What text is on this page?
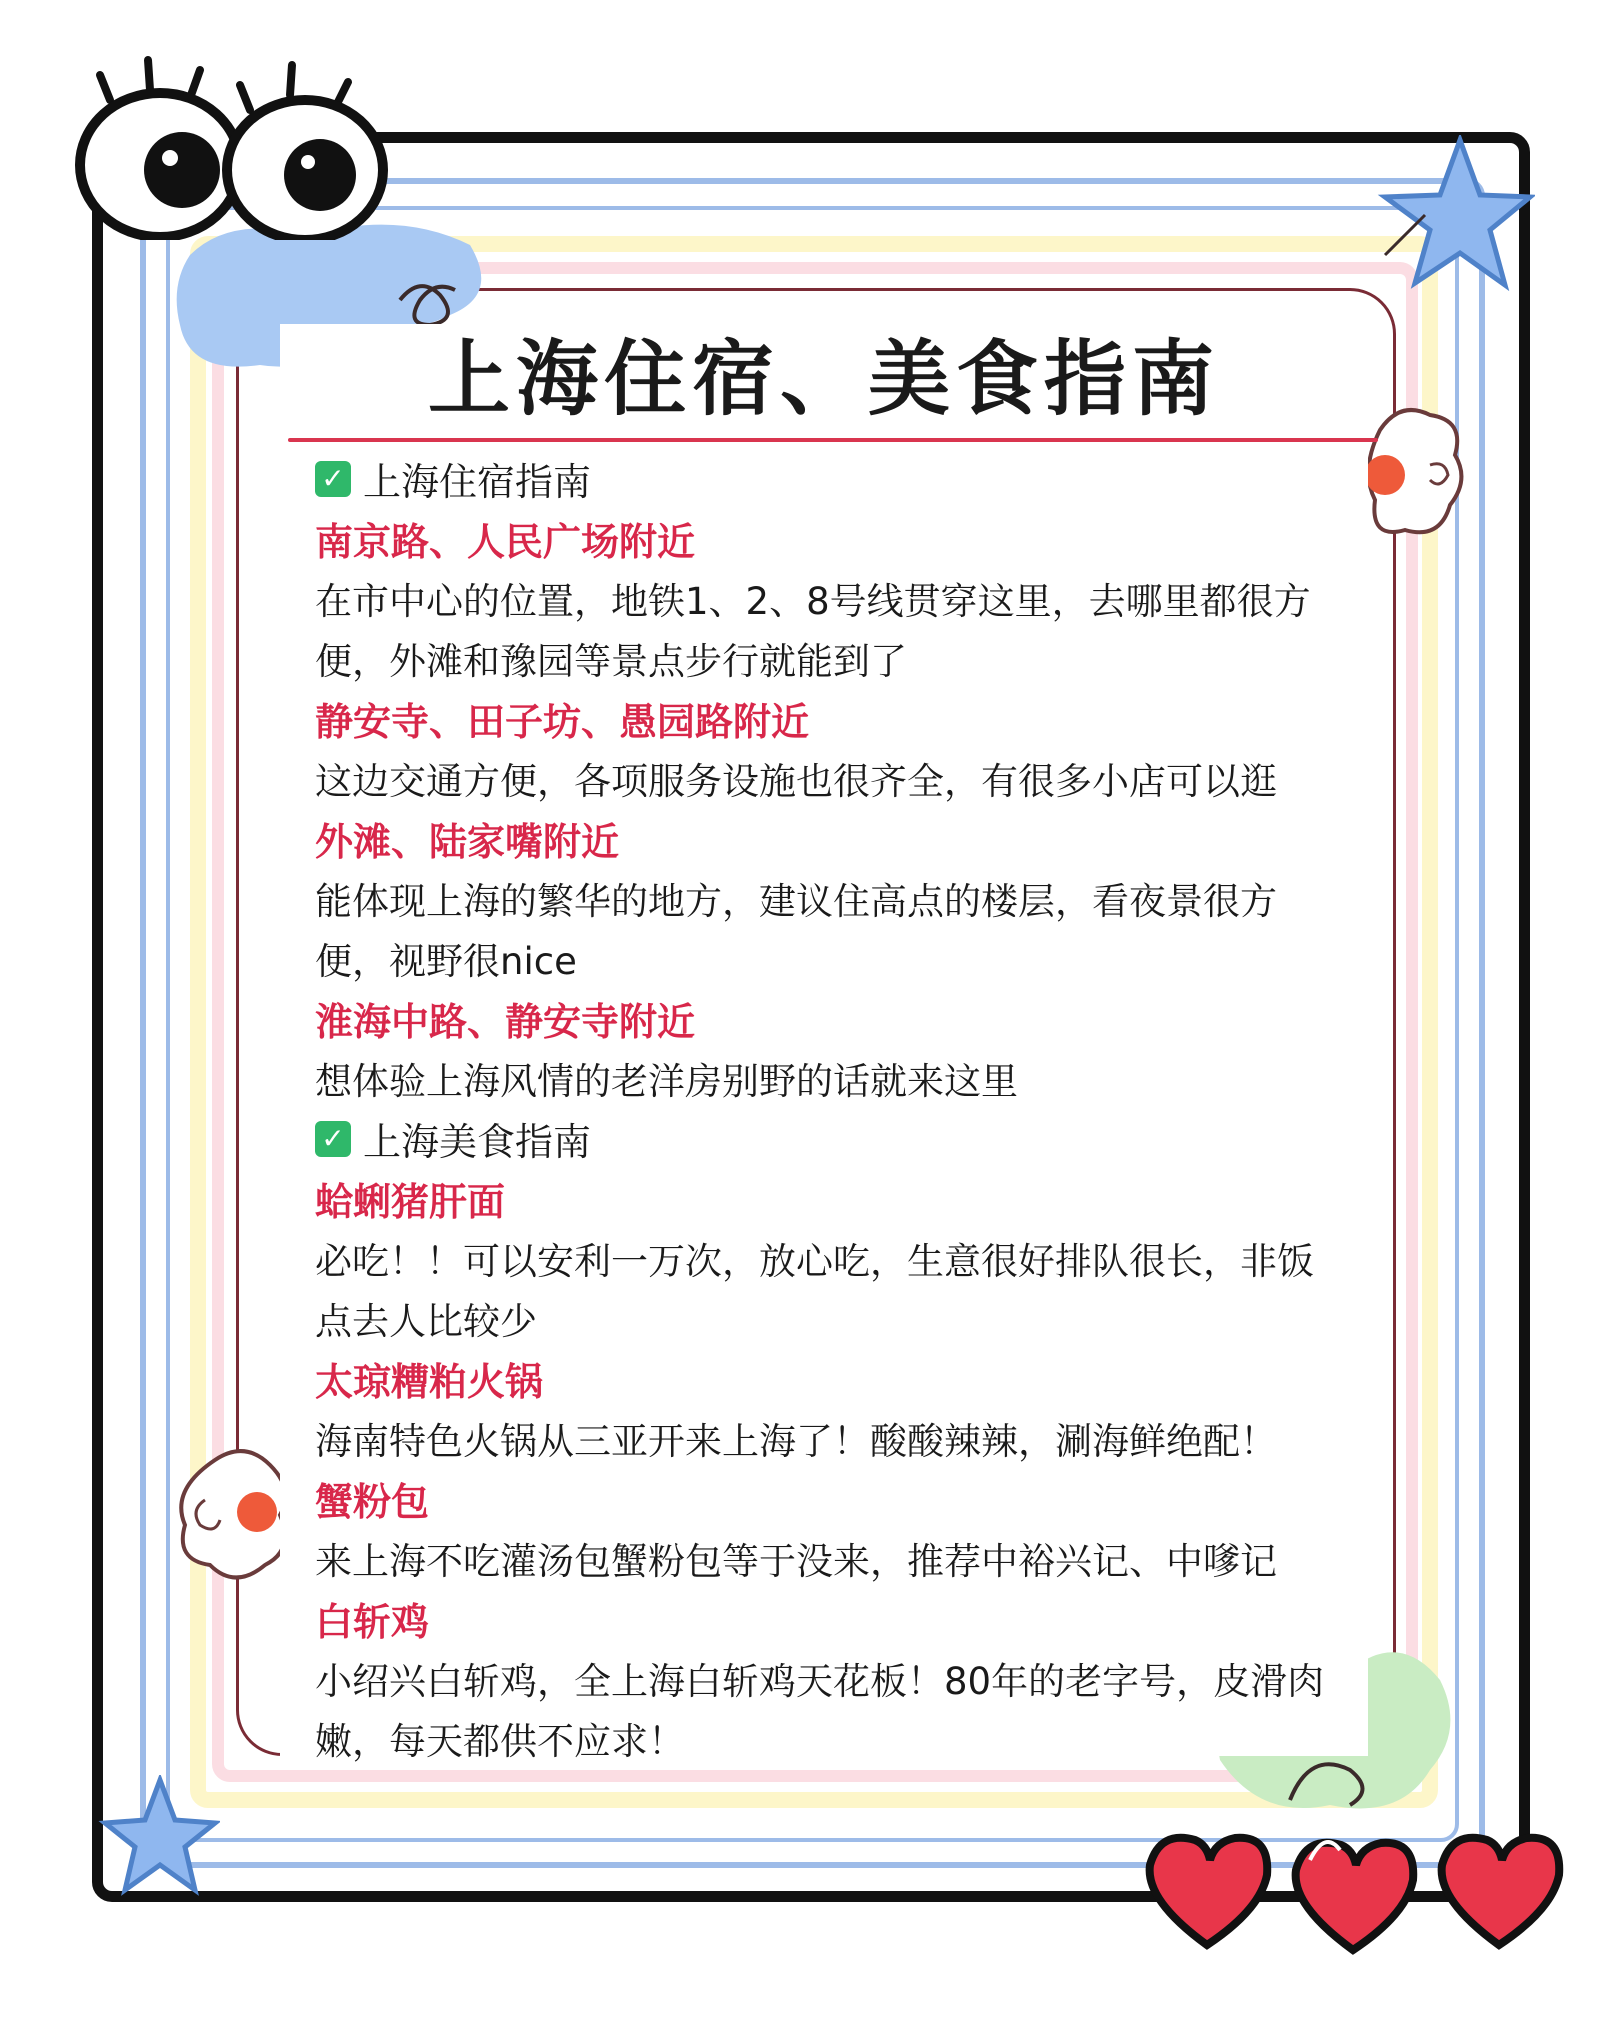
上海住宿、美食指南
✓ 上海住宿指南
南京路、人民广场附近
在市中心的位置，地铁1、2、8号线贯穿这里，去哪里都很方
便，外滩和豫园等景点步行就能到了
静安寺、田子坊、愚园路附近
这边交通方便，各项服务设施也很齐全，有很多小店可以逛
外滩、陆家嘴附近
能体现上海的繁华的地方，建议住高点的楼层，看夜景很方
便，视野很nice
淮海中路、静安寺附近
想体验上海风情的老洋房别野的话就来这里
✓ 上海美食指南
蛤蜊猪肝面
必吃！！可以安利一万次，放心吃，生意很好排队很长，非饭
点去人比较少
太琼糟粕火锅
海南特色火锅从三亚开来上海了！酸酸辣辣，涮海鲜绝配！
蟹粉包
来上海不吃灌汤包蟹粉包等于没来，推荐中裕兴记、中嗲记
白斩鸡
小绍兴白斩鸡，全上海白斩鸡天花板！80年的老字号，皮滑肉
嫩，每天都供不应求！
